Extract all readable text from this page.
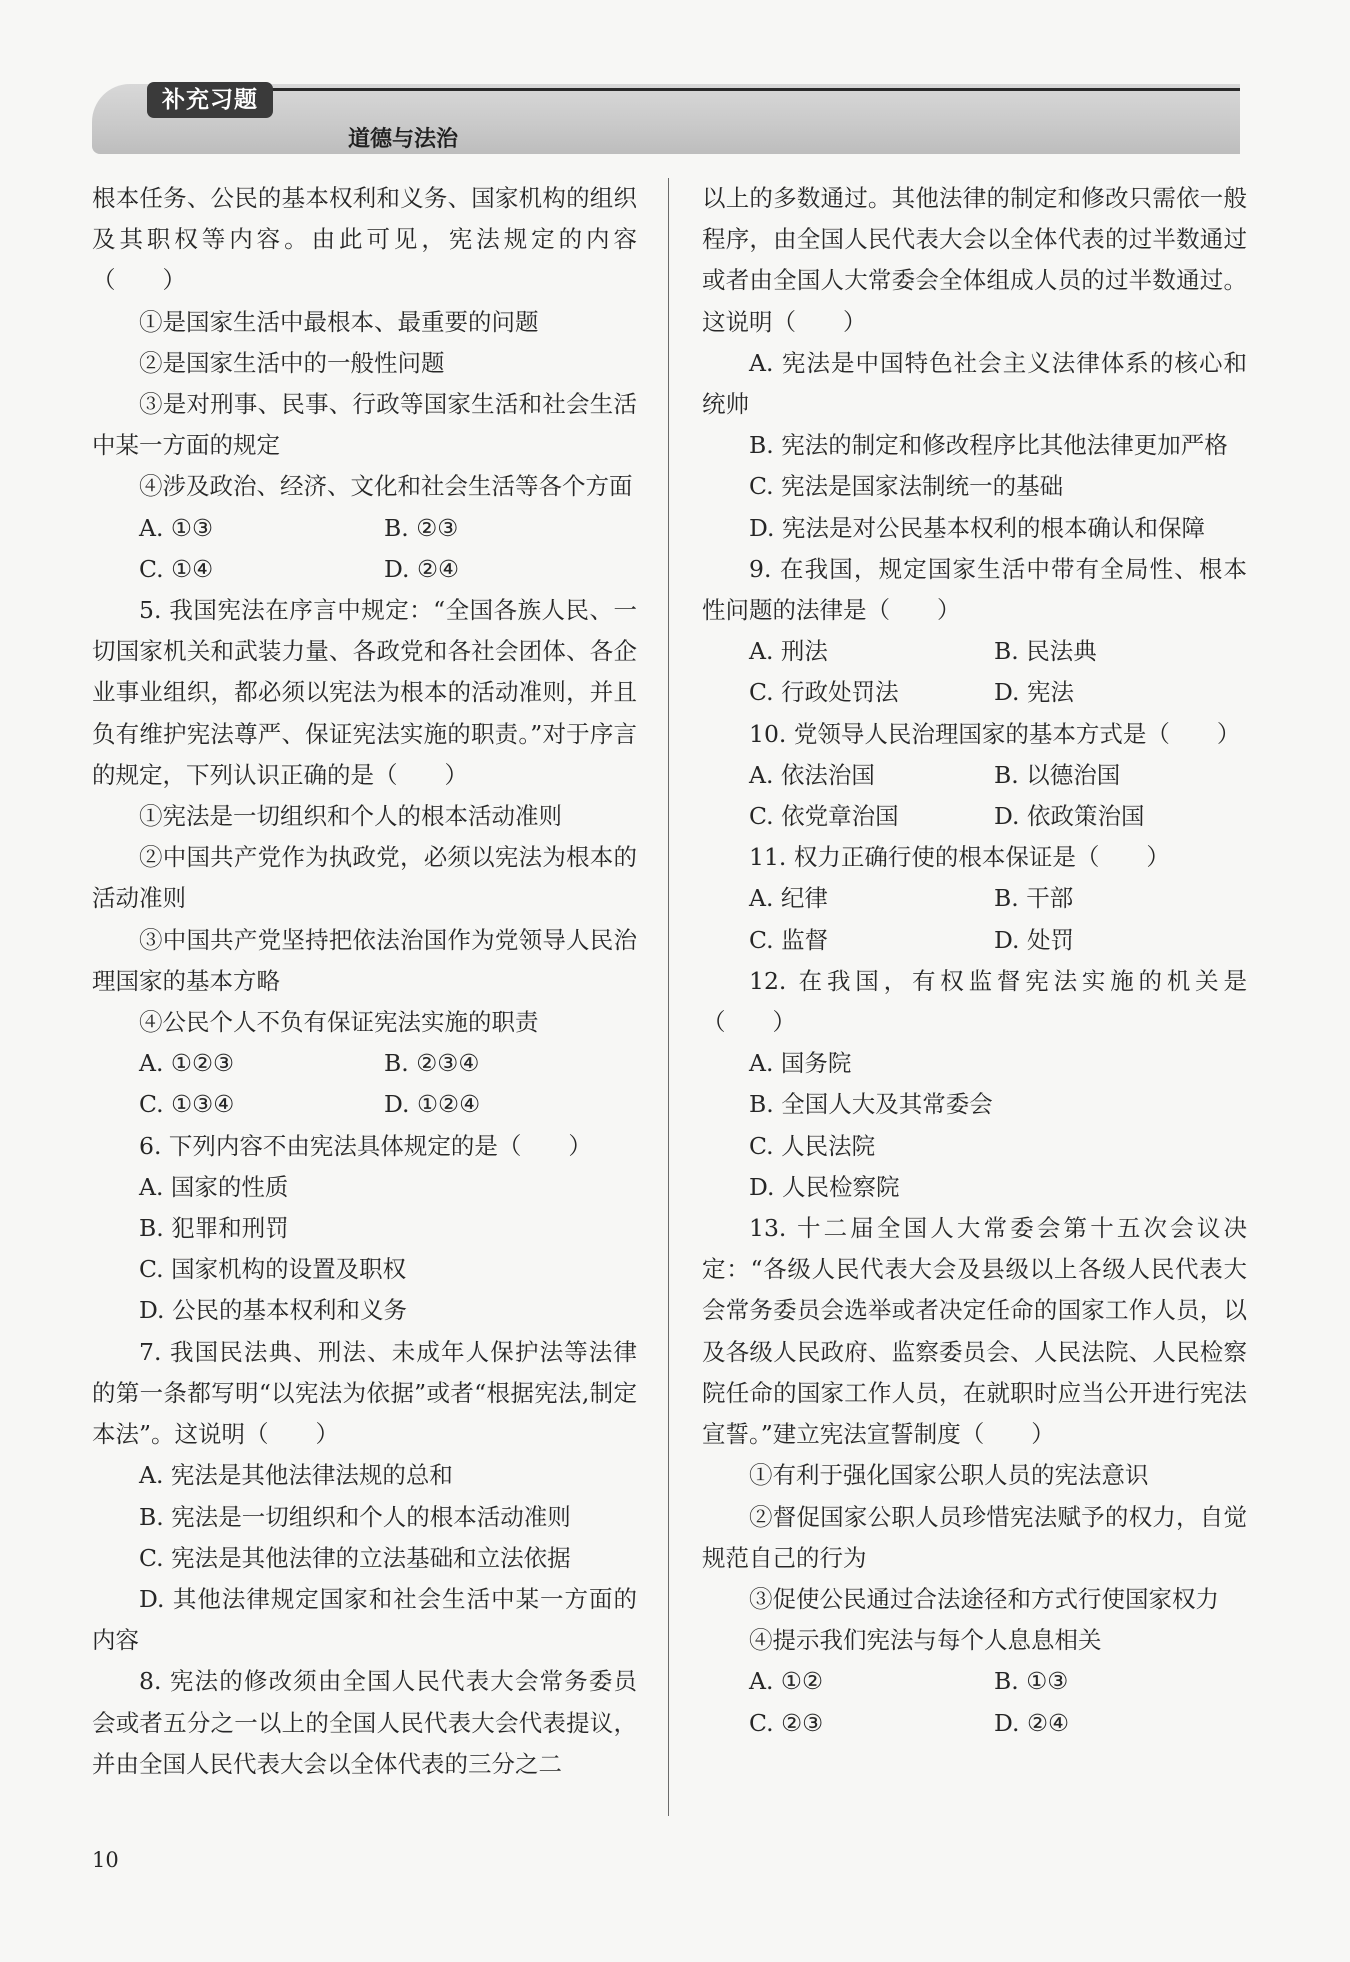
补充习题
道德与法治
根本任务、公民的基本权利和义务、国家机构的组织及其职权等内容。由此可见，宪法规定的内容（　　）
①是国家生活中最根本、最重要的问题
②是国家生活中的一般性问题
③是对刑事、民事、行政等国家生活和社会生活中某一方面的规定
④涉及政治、经济、文化和社会生活等各个方面
A. ①③	B. ②③
C. ①④	D. ②④
5. 我国宪法在序言中规定：“全国各族人民、一切国家机关和武装力量、各政党和各社会团体、各企业事业组织，都必须以宪法为根本的活动准则，并且负有维护宪法尊严、保证宪法实施的职责。”对于序言的规定，下列认识正确的是（　　）
①宪法是一切组织和个人的根本活动准则
②中国共产党作为执政党，必须以宪法为根本的活动准则
③中国共产党坚持把依法治国作为党领导人民治理国家的基本方略
④公民个人不负有保证宪法实施的职责
A. ①②③	B. ②③④
C. ①③④	D. ①②④
6. 下列内容不由宪法具体规定的是（　　）
A. 国家的性质
B. 犯罪和刑罚
C. 国家机构的设置及职权
D. 公民的基本权利和义务
7. 我国民法典、刑法、未成年人保护法等法律的第一条都写明“以宪法为依据”或者“根据宪法,制定本法”。这说明（　　）
A. 宪法是其他法律法规的总和
B. 宪法是一切组织和个人的根本活动准则
C. 宪法是其他法律的立法基础和立法依据
D. 其他法律规定国家和社会生活中某一方面的内容
8. 宪法的修改须由全国人民代表大会常务委员会或者五分之一以上的全国人民代表大会代表提议，并由全国人民代表大会以全体代表的三分之二
以上的多数通过。其他法律的制定和修改只需依一般程序，由全国人民代表大会以全体代表的过半数通过或者由全国人大常委会全体组成人员的过半数通过。这说明（　　）
A. 宪法是中国特色社会主义法律体系的核心和统帅
B. 宪法的制定和修改程序比其他法律更加严格
C. 宪法是国家法制统一的基础
D. 宪法是对公民基本权利的根本确认和保障
9. 在我国，规定国家生活中带有全局性、根本性问题的法律是（　　）
A. 刑法	B. 民法典
C. 行政处罚法	D. 宪法
10. 党领导人民治理国家的基本方式是（　　）
A. 依法治国	B. 以德治国
C. 依党章治国	D. 依政策治国
11. 权力正确行使的根本保证是（　　）
A. 纪律	B. 干部
C. 监督	D. 处罚
12. 在我国，有权监督宪法实施的机关是（　　）
A. 国务院
B. 全国人大及其常委会
C. 人民法院
D. 人民检察院
13. 十二届全国人大常委会第十五次会议决定：“各级人民代表大会及县级以上各级人民代表大会常务委员会选举或者决定任命的国家工作人员，以及各级人民政府、监察委员会、人民法院、人民检察院任命的国家工作人员，在就职时应当公开进行宪法宣誓。”建立宪法宣誓制度（　　）
①有利于强化国家公职人员的宪法意识
②督促国家公职人员珍惜宪法赋予的权力，自觉规范自己的行为
③促使公民通过合法途径和方式行使国家权力
④提示我们宪法与每个人息息相关
A. ①②	B. ①③
C. ②③	D. ②④
10
